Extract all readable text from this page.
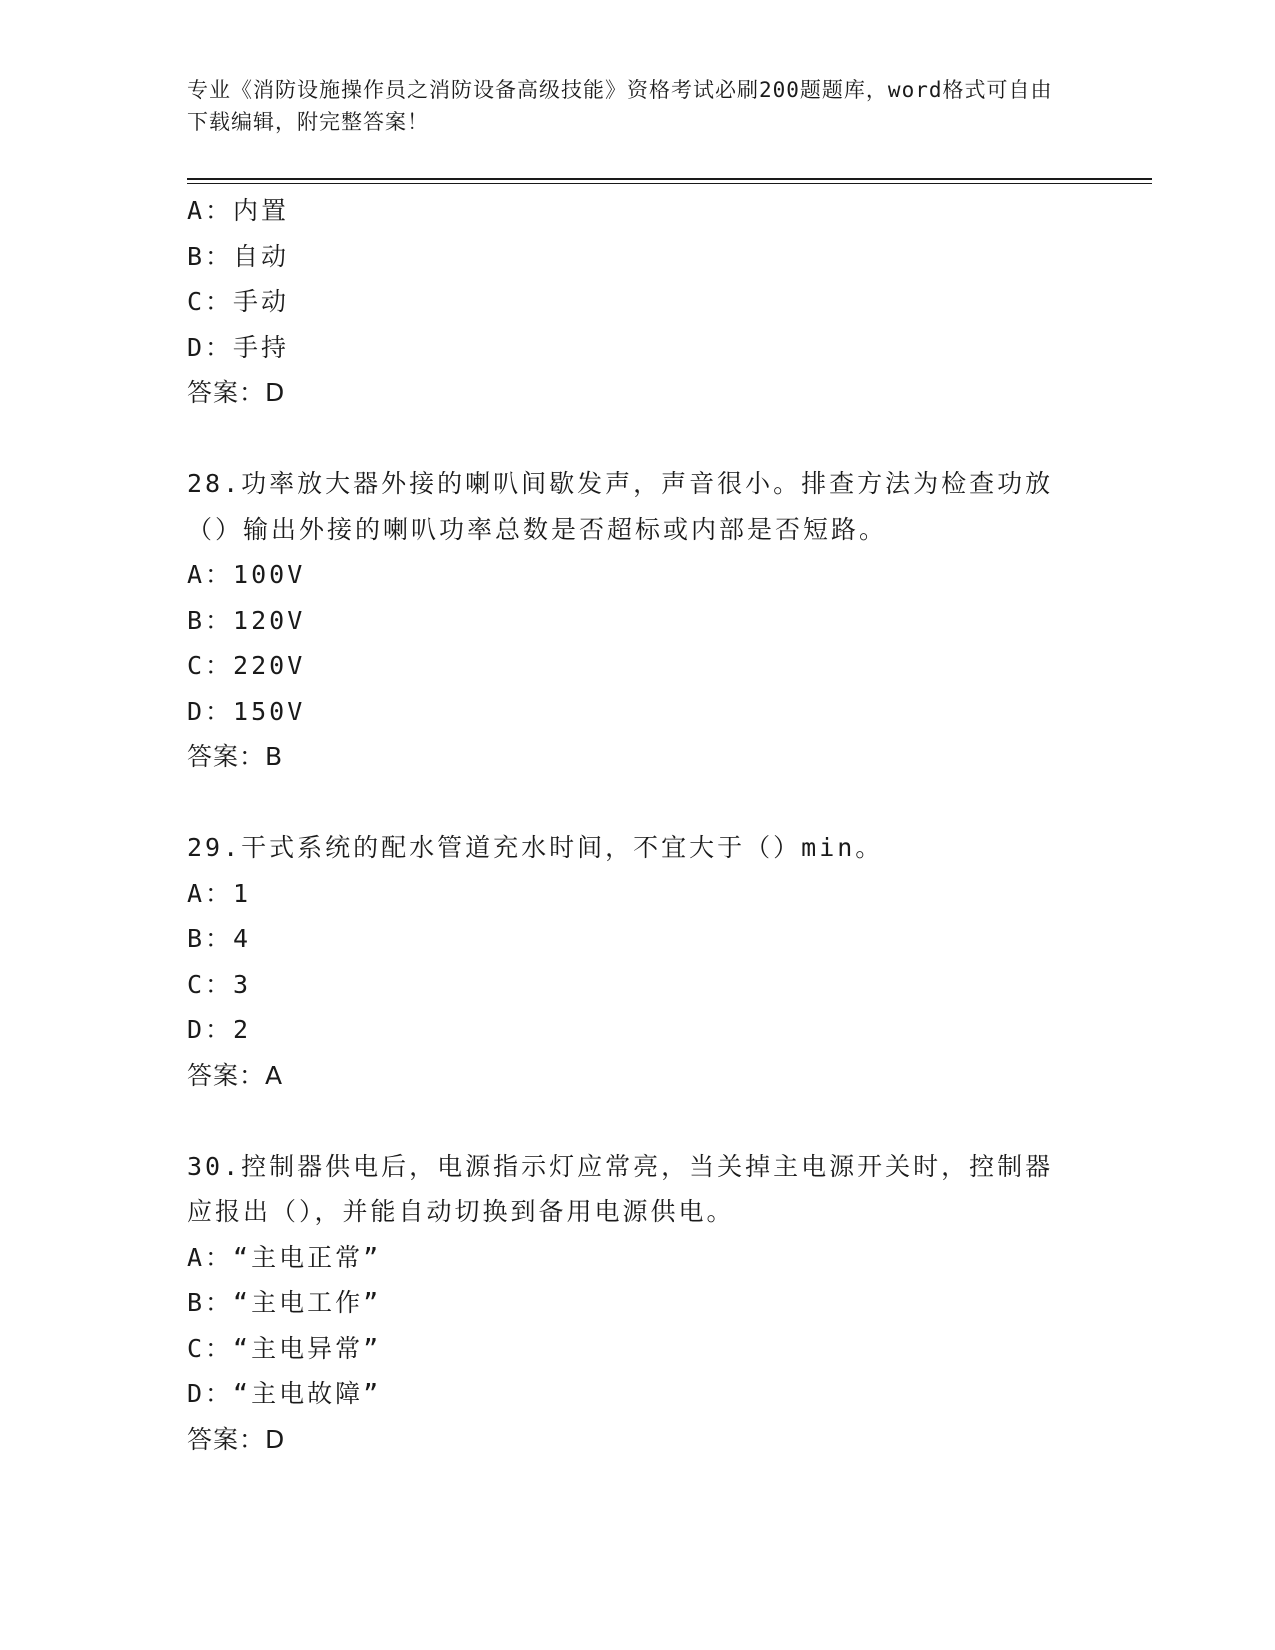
专业《消防设施操作员之消防设备高级技能》资格考试必刷200题题库，word格式可自由下载编辑，附完整答案！
A：内置
B：自动
C：手动
D：手持
答案：D
28.功率放大器外接的喇叭间歇发声，声音很小。排查方法为检查功放（）输出外接的喇叭功率总数是否超标或内部是否短路。
A：100V
B：120V
C：220V
D：150V
答案：B
29.干式系统的配水管道充水时间，不宜大于（）min。
A：1
B：4
C：3
D：2
答案：A
30.控制器供电后，电源指示灯应常亮，当关掉主电源开关时，控制器应报出（），并能自动切换到备用电源供电。
A：“主电正常”
B：“主电工作”
C：“主电异常”
D：“主电故障”
答案：D
